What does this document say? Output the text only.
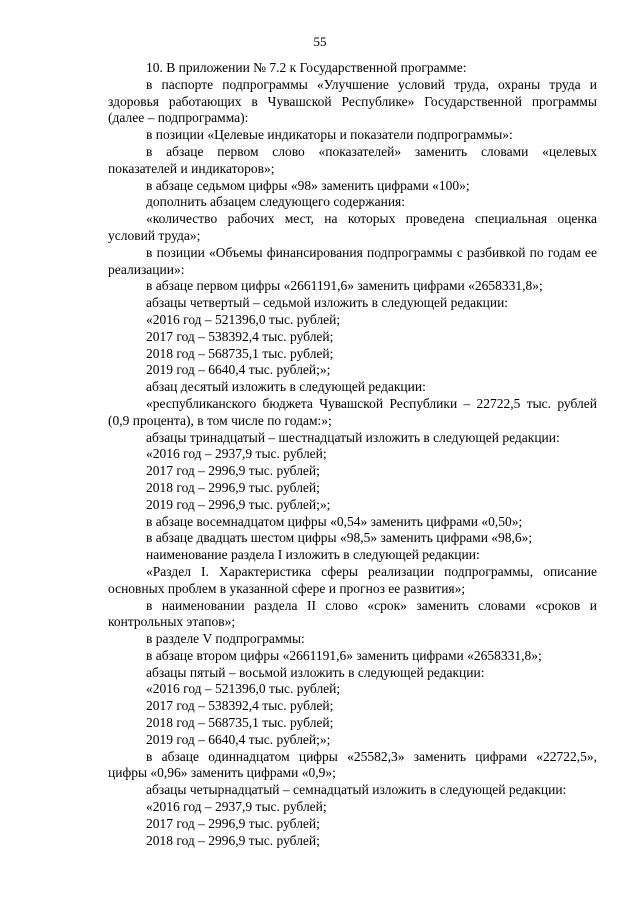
55

10. В приложении № 7.2 к Государственной программе:

в паспорте подпрограммы «Улучшение условий труда, охраны труда и здоровья работающих в Чувашской Республике» Государственной программы (далее – подпрограмма):

в позиции «Целевые индикаторы и показатели подпрограммы»:

в абзаце первом слово «показателей» заменить словами «целевых показателей и индикаторов»;

в абзаце седьмом цифры «98» заменить цифрами «100»;

дополнить абзацем следующего содержания:

«количество рабочих мест, на которых проведена специальная оценка условий труда»;

в позиции «Объемы финансирования подпрограммы с разбивкой по годам ее реализации»:

в абзаце первом цифры «2661191,6» заменить цифрами «2658331,8»;

абзацы четвертый – седьмой изложить в следующей редакции:

«2016 год – 521396,0 тыс. рублей;

2017 год – 538392,4 тыс. рублей;

2018 год – 568735,1 тыс. рублей;

2019 год – 6640,4 тыс. рублей;»;

абзац десятый изложить в следующей редакции:

«республиканского бюджета Чувашской Республики – 22722,5 тыс. рублей (0,9 процента), в том числе по годам:»;

абзацы тринадцатый – шестнадцатый изложить в следующей редакции:

«2016 год – 2937,9 тыс. рублей;

2017 год – 2996,9 тыс. рублей;

2018 год – 2996,9 тыс. рублей;

2019 год – 2996,9 тыс. рублей;»;

в абзаце восемнадцатом цифры «0,54» заменить цифрами «0,50»;

в абзаце двадцать шестом цифры «98,5» заменить цифрами «98,6»;

наименование раздела I изложить в следующей редакции:

«Раздел I. Характеристика сферы реализации подпрограммы, описание основных проблем в указанной сфере и прогноз ее развития»;

в наименовании раздела II слово «срок» заменить словами «сроков и контрольных этапов»;

в разделе V подпрограммы:

в абзаце втором цифры «2661191,6» заменить цифрами «2658331,8»;

абзацы пятый – восьмой изложить в следующей редакции:

«2016 год – 521396,0 тыс. рублей;

2017 год – 538392,4 тыс. рублей;

2018 год – 568735,1 тыс. рублей;

2019 год – 6640,4 тыс. рублей;»;

в абзаце одиннадцатом цифры «25582,3» заменить цифрами «22722,5», цифры «0,96» заменить цифрами «0,9»;

абзацы четырнадцатый – семнадцатый изложить в следующей редакции:

«2016 год – 2937,9 тыс. рублей;

2017 год – 2996,9 тыс. рублей;

2018 год – 2996,9 тыс. рублей;
